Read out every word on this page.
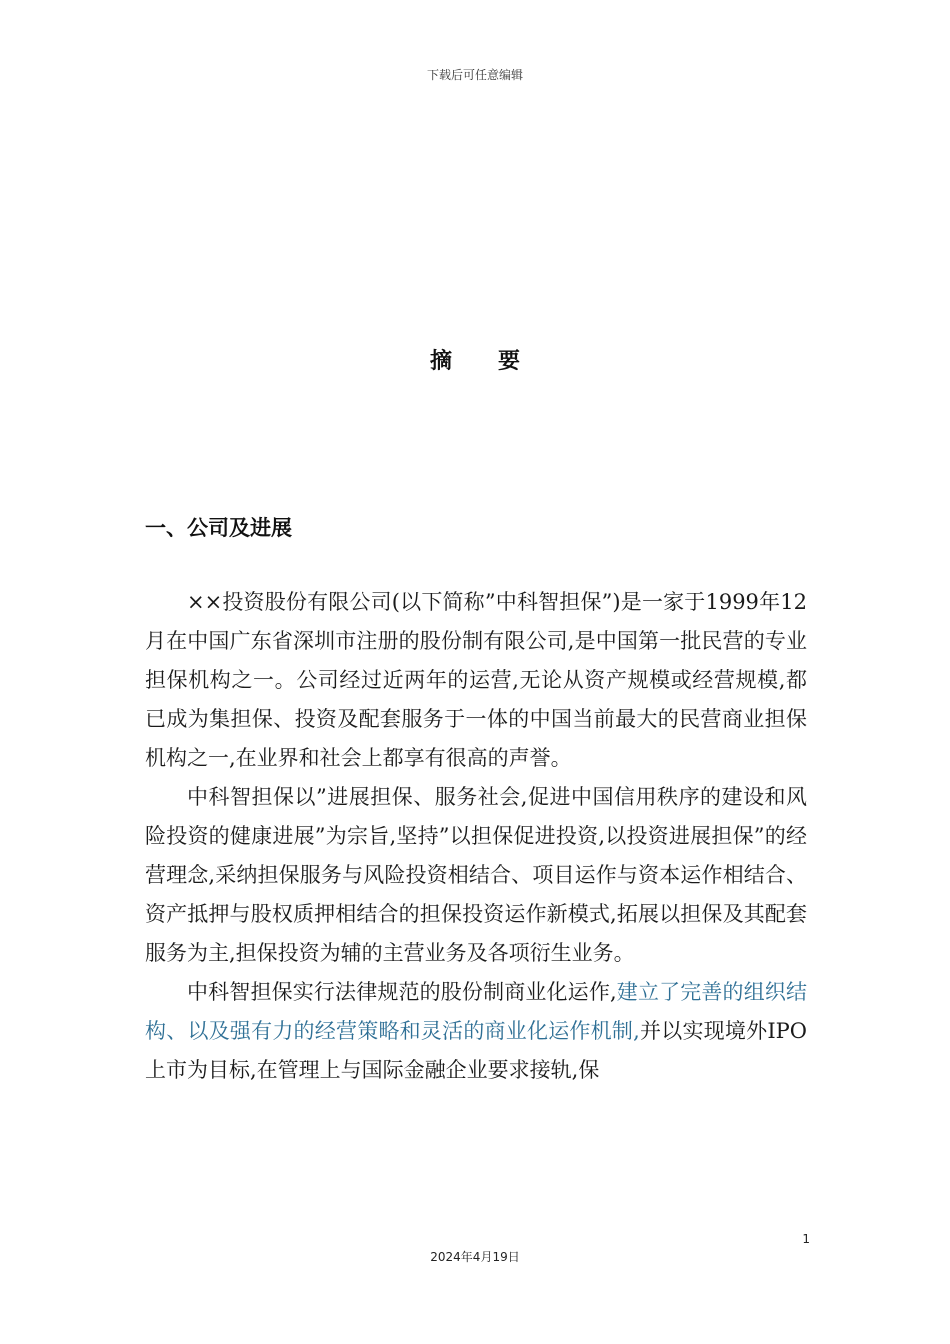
下载后可任意编辑
摘要
一、公司及进展

××投资股份有限公司(以下简称”中科智担保”)是一家于1999年12月在中国广东省深圳市注册的股份制有限公司,是中国第一批民营的专业担保机构之一。公司经过近两年的运营,无论从资产规模或经营规模,都已成为集担保、投资及配套服务于一体的中国当前最大的民营商业担保机构之一,在业界和社会上都享有很高的声誉。

中科智担保以”进展担保、服务社会,促进中国信用秩序的建设和风险投资的健康进展”为宗旨,坚持”以担保促进投资,以投资进展担保”的经营理念,采纳担保服务与风险投资相结合、项目运作与资本运作相结合、资产抵押与股权质押相结合的担保投资运作新模式,拓展以担保及其配套服务为主,担保投资为辅的主营业务及各项衍生业务。

中科智担保实行法律规范的股份制商业化运作,建立了完善的组织结构、以及强有力的经营策略和灵活的商业化运作机制,并以实现境外IPO上市为目标,在管理上与国际金融企业要求接轨,保

1
2024年4月19日
